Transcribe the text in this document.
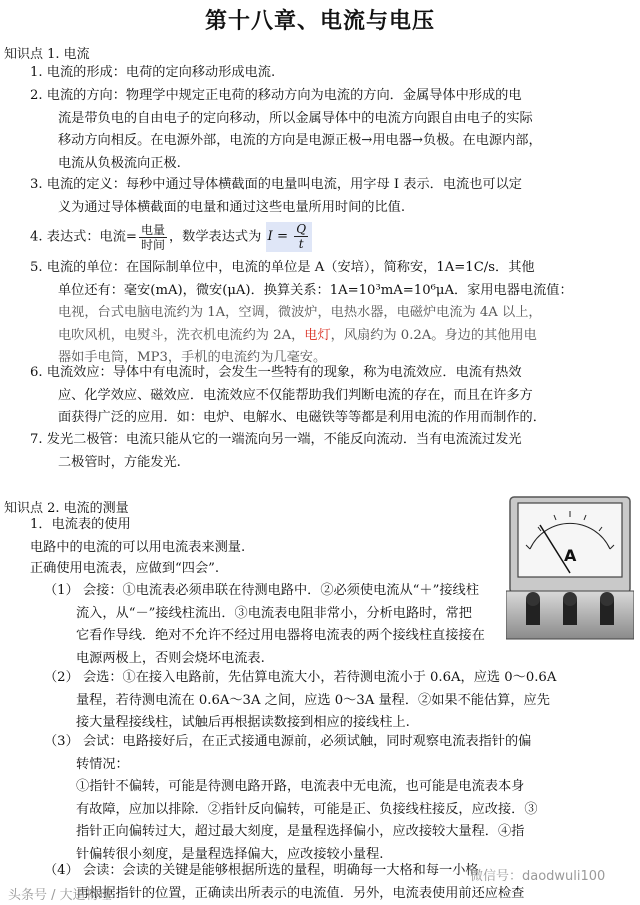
第十八章、电流与电压
知识点 1. 电流
1. 电流的形成：电荷的定向移动形成电流.
2. 电流的方向：物理学中规定正电荷的移动方向为电流的方向．金属导体中形成的电
流是带负电的自由电子的定向移动，所以金属导体中的电流方向跟自由电子的实际
移动方向相反。在电源外部，电流的方向是电源正极→用电器→负极。在电源内部，
电流从负极流向正极.
3. 电流的定义：每秒中通过导体横截面的电量叫电流，用字母 I 表示．电流也可以定
义为通过导体横截面的电量和通过这些电量所用时间的比值.
4. 表达式：电流= $\frac{\text{电量}}{\text{时间}}$ ，数学表达式为 $I = \frac{Q}{t}$
5. 电流的单位：在国际制单位中，电流的单位是 A（安培），简称安，1A=1C/s．其他
单位还有：毫安(mA)，微安(μA)．换算关系：1A=10³mA=10⁶μA．家用电器电流值：
电视，台式电脑电流约为 1A，空调，微波炉，电热水器，电磁炉电流为 4A 以上，
电吹风机，电熨斗，洗衣机电流约为 2A，电灯，风扇约为 0.2A。身边的其他用电
器如手电筒，MP3，手机的电流约为几毫安。
6. 电流效应：导体中有电流时，会发生一些特有的现象，称为电流效应．电流有热效
应、化学效应、磁效应．电流效应不仅能帮助我们判断电流的存在，而且在许多方
面获得广泛的应用．如：电炉、电解水、电磁铁等等都是利用电流的作用而制作的．
7. 发光二极管：电流只能从它的一端流向另一端，不能反向流动．当有电流流过发光
二极管时，方能发光.
知识点 2. 电流的测量
1．电流表的使用
电路中的电流的可以用电流表来测量.
正确使用电流表，应做到“四会”.
（1） 会接：①电流表必须串联在待测电路中．②必须使电流从“＋”接线柱
流入，从“－”接线柱流出．③电流表电阻非常小，分析电路时，常把
它看作导线．绝对不允许不经过用电器将电流表的两个接线柱直接接在
电源两极上，否则会烧坏电流表.
（2） 会选：①在接入电路前，先估算电流大小，若待测电流小于 0.6A，应选 0～0.6A
量程，若待测电流在 0.6A～3A 之间，应选 0～3A 量程．②如果不能估算，应先
接大量程接线柱，试触后再根据读数接到相应的接线柱上.
（3） 会试：电路接好后，在正式接通电源前，必须试触，同时观察电流表指针的偏
转情况：
①指针不偏转，可能是待测电路开路，电流表中无电流，也可能是电流表本身
有故障，应加以排除．②指针反向偏转，可能是正、负接线柱接反，应改接．③
指针正向偏转过大，超过最大刻度，是量程选择偏小，应改接较大量程．④指
针偏转很小刻度，是量程选择偏大，应改接较小量程.
（4） 会读：会读的关键是能够根据所选的量程，明确每一大格和每一小格
再根据指针的位置，正确读出所表示的电流值．另外，电流表使用前还应检查
A
头条号 / 大道物理
微信号：daodwuli100
